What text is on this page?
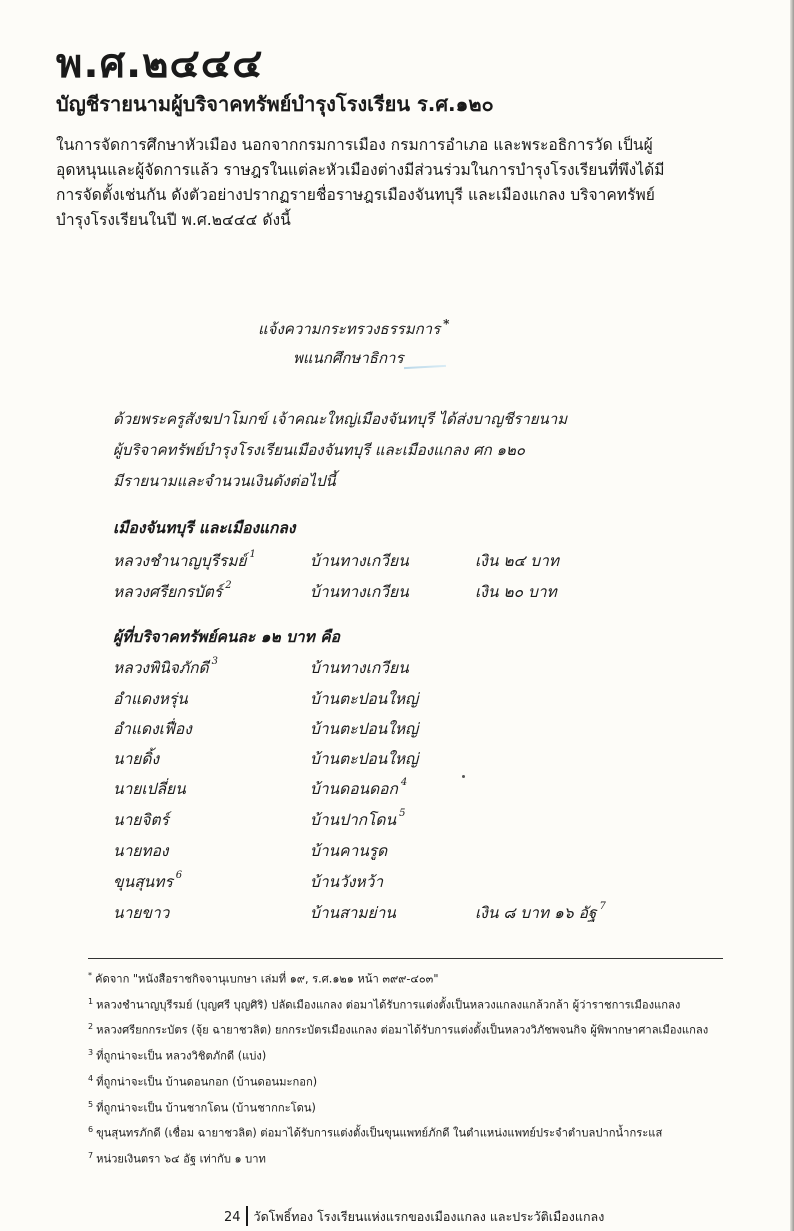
พ.ศ.๒๔๔๔
บัญชีรายนามผู้บริจาคทรัพย์บำรุงโรงเรียน ร.ศ.๑๒๐

ในการจัดการศึกษาหัวเมือง นอกจากกรมการเมือง กรมการอำเภอ และพระอธิการวัด เป็นผู้

อุดหนุนและผู้จัดการแล้ว ราษฎรในแต่ละหัวเมืองต่างมีส่วนร่วมในการบำรุงโรงเรียนที่พึงได้มี

การจัดตั้งเช่นกัน ดังตัวอย่างปรากฏรายชื่อราษฎรเมืองจันทบุรี และเมืองแกลง บริจาคทรัพย์

บำรุงโรงเรียนในปี พ.ศ.๒๔๔๔ ดังนี้

แจ้งความกระทรวงธรรมการ *
พแนกศึกษาธิการ
ด้วยพระครูสังฆปาโมกข์ เจ้าคณะใหญ่เมืองจันทบุรี ได้ส่งบาญชีรายนาม
ผู้บริจาคทรัพย์บำรุงโรงเรียนเมืองจันทบุรี และเมืองแกลง ศก ๑๒๐
มีรายนามและจำนวนเงินดังต่อไปนี้
เมืองจันทบุรี และเมืองแกลง
หลวงชำนาญบุรีรมย์ $^1$	บ้านทางเกวียน	เงิน ๒๔ บาท
หลวงศรียกรบัตร์ $^2$	บ้านทางเกวียน	เงิน ๒๐ บาท
ผู้ที่บริจาคทรัพย์คนละ ๑๒ บาท คือ
หลวงพินิจภักดี $^3$	บ้านทางเกวียน
อำแดงหรุ่น	บ้านตะปอนใหญ่
อำแดงเฟื่อง	บ้านตะปอนใหญ่
นายดิ้ง	บ้านตะปอนใหญ่
นายเปลี่ยน	บ้านดอนดอก $^4$
นายจิตร์	บ้านปากโดน $^5$
นายทอง	บ้านคานรูด
ขุนสุนทร $^6$	บ้านวังหว้า
นายขาว	บ้านสามย่าน	เงิน ๘ บาท ๑๖ อัฐ $^7$
* คัดจาก "หนังสือราชกิจจานุเบกษา เล่มที่ ๑๙, ร.ศ.๑๒๑ หน้า ๓๙๙-๔๐๓"
$^1$ หลวงชำนาญบุรีรมย์ (บุญศรี บุญศิริ) ปลัดเมืองแกลง ต่อมาได้รับการแต่งตั้งเป็นหลวงแกลงแกล้วกล้า ผู้ว่าราชการเมืองแกลง
$^2$ หลวงศรียกกระบัตร (จุ้ย ฉายาชวลิต) ยกกระบัตรเมืองแกลง ต่อมาได้รับการแต่งตั้งเป็นหลวงวิภัชพจนกิจ ผู้พิพากษาศาลเมืองแกลง
$^3$ ที่ถูกน่าจะเป็น หลวงวิชิตภักดี (แบ่ง)
$^4$ ที่ถูกน่าจะเป็น บ้านดอนกอก (บ้านดอนมะกอก)
$^5$ ที่ถูกน่าจะเป็น บ้านชากโดน (บ้านชากกะโดน)
$^6$ ขุนสุนทรภักดี (เชื่อม ฉายาชวลิต) ต่อมาได้รับการแต่งตั้งเป็นขุนแพทย์ภักดี ในตำแหน่งแพทย์ประจำตำบลปากน้ำกระแส
$^7$ หน่วยเงินตรา ๖๔ อัฐ เท่ากับ ๑ บาท
24 วัดโพธิ์ทอง โรงเรียนแห่งแรกของเมืองแกลง และประวัติเมืองแกลง
